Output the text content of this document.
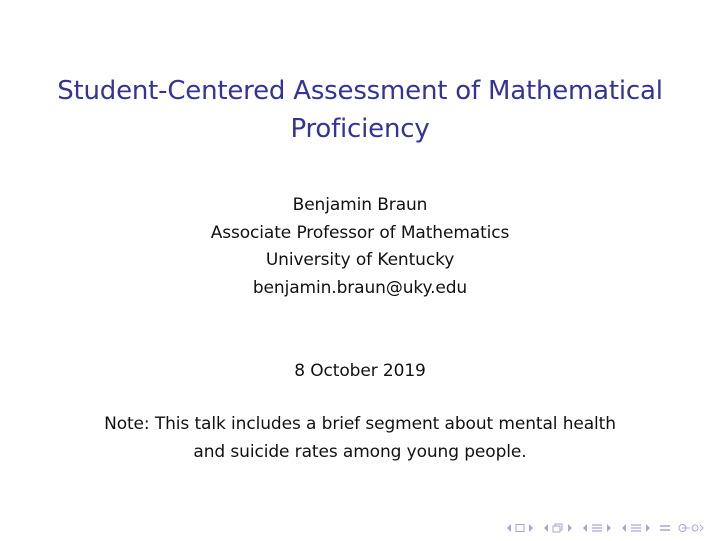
Student-Centered Assessment of Mathematical
Proficiency
Benjamin Braun
Associate Professor of Mathematics
University of Kentucky
benjamin.braun@uky.edu
8 October 2019
Note: This talk includes a brief segment about mental health
and suicide rates among young people.
